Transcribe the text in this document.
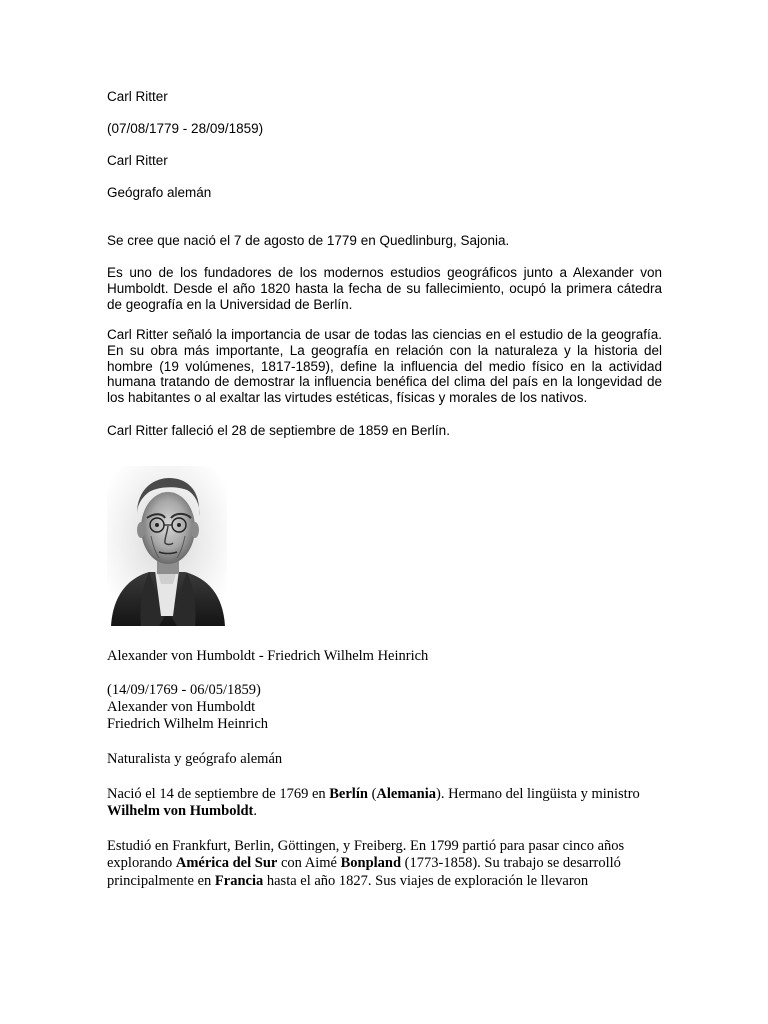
Carl Ritter

(07/08/1779 - 28/09/1859)

Carl Ritter

Geógrafo alemán

Se cree que nació el 7 de agosto de 1779 en Quedlinburg, Sajonia.

Es uno de los fundadores de los modernos estudios geográficos junto a Alexander von Humboldt. Desde el año 1820 hasta la fecha de su fallecimiento, ocupó la primera cátedra de geografía en la Universidad de Berlín.

Carl Ritter señaló la importancia de usar de todas las ciencias en el estudio de la geografía. En su obra más importante, La geografía en relación con la naturaleza y la historia del hombre (19 volúmenes, 1817-1859), define la influencia del medio físico en la actividad humana tratando de demostrar la influencia benéfica del clima del país en la longevidad de los habitantes o al exaltar las virtudes estéticas, físicas y morales de los nativos.

Carl Ritter falleció el 28 de septiembre de 1859 en Berlín.

Alexander von Humboldt - Friedrich Wilhelm Heinrich

(14/09/1769 - 06/05/1859)

Alexander von Humboldt

Friedrich Wilhelm Heinrich

Naturalista y geógrafo alemán

Nació el 14 de septiembre de 1769 en Berlín (Alemania). Hermano del lingüista y ministro Wilhelm von Humboldt.

Estudió en Frankfurt, Berlin, Göttingen, y Freiberg. En 1799 partió para pasar cinco años explorando América del Sur con Aimé Bonpland (1773-1858). Su trabajo se desarrolló principalmente en Francia hasta el año 1827. Sus viajes de exploración le llevaron
